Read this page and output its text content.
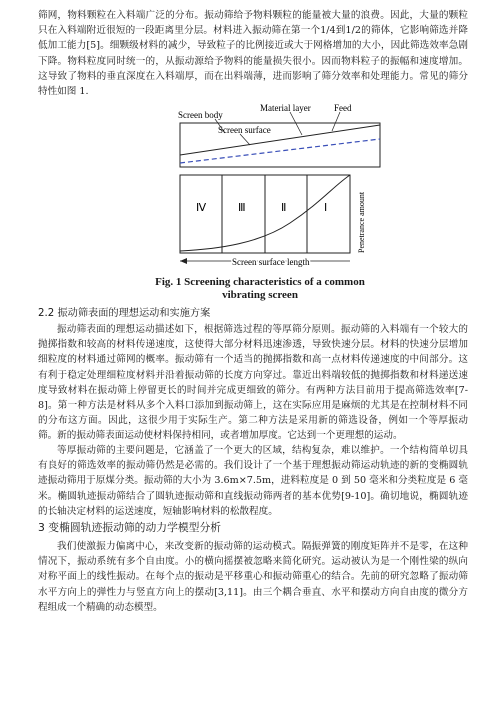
筛网，物料颗粒在入料端广泛的分布。振动筛给予物料颗粒的能量被大量的浪费。因此，大量的颗粒只在入料端附近很短的一段距离里分层。材料进入振动筛在第一个1/4到1/2的筛体，它影响筛选并降低加工能力[5]。细颗级材料的减少，导致粒子的比例接近或大于网格增加的大小，因此筛选效率急剧下降。物料粒度同时统一的，从振动源给予物料的能量损失很小。因而物料粒子的振幅和速度增加。这导致了物料的垂直深度在入料端厚，而在出料端薄，进而影响了筛分效率和处理能力。常见的筛分特性如图 1.

Screen body
Screen surface
Material layer	Feed
Ⅳ	Ⅲ	Ⅱ	Ⅰ	Penetrance amount
Screen surface length
Fig. 1 Screening characteristics of a common
vibrating screen

2.2 振动筛表面的理想运动和实施方案

振动筛表面的理想运动描述如下，根据筛选过程的等厚筛分原则。振动筛的入料端有一个较大的抛掷指数和较高的材料传递速度，这使得大部分材料迅速渗透，导致快速分层。材料的快速分层增加细粒度的材料通过筛网的概率。振动筛有一个适当的抛掷指数和高一点材料传递速度的中间部分。这有利于稳定处理细粒度材料并沿着振动筛的长度方向穿过。靠近出料端较低的抛掷指数和材料递送速度导致材料在振动筛上停留更长的时间并完成更细致的筛分。有两种方法目前用于提高筛选效率[7-8]。第一种方法是材料从多个入料口添加到振动筛上，这在实际应用是麻烦的尤其是在控制材料不同的分布这方面。因此，这很少用于实际生产。第二种方法是采用新的筛选设备，例如一个等厚振动筛。新的振动筛表面运动使材料保持相同，或者增加厚度。它达到一个更理想的运动。

等厚振动筛的主要问题是，它涵盖了一个更大的区域，结构复杂，难以维护。一个结构简单切具有良好的筛选效率的振动筛仍然是必需的。我们设计了一个基于理想振动筛运动轨迹的新的变椭圆轨迹振动筛用于原煤分类。振动筛的大小为 3.6m×7.5m，进料粒度是 0 到 50 毫米和分类粒度是 6 毫米。椭圆轨迹振动筛结合了圆轨迹振动筛和直线振动筛两者的基本优势[9-10]。确切地说，椭圆轨迹的长轴决定材料的运送速度，短轴影响材料的松散程度。

3 变椭圆轨迹振动筛的动力学模型分析

我们使激振力偏离中心，来改变新的振动筛的运动模式。隔振弹簧的刚度矩阵并不是零，在这种情况下，振动系统有多个自由度。小的横向摇摆被忽略来简化研究。运动被认为是一个刚性梁的纵向对称平面上的线性振动。在每个点的振动是平移重心和振动筛重心的结合。先前的研究忽略了振动筛水平方向上的弹性力与竖直方向上的摆动[3,11]。由三个耦合垂直、水平和摆动方向自由度的微分方程组成一个精确的动态模型。
